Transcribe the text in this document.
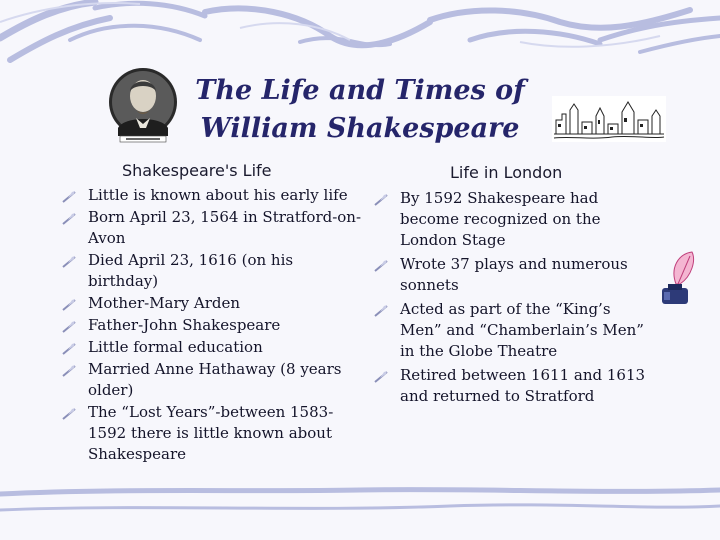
The Life and Times of
William Shakespeare
Shakespeare's Life	Life in London
Little is known about his early life
Born April 23, 1564 in Stratford-on-Avon
Died April 23, 1616 (on his birthday)
Mother-Mary Arden
Father-John Shakespeare
Little formal education
Married Anne Hathaway (8 years older)
The “Lost Years”-between 1583-1592 there is little known about Shakespeare
By 1592 Shakespeare had become recognized on the London Stage
Wrote 37 plays and numerous sonnets
Acted as part of the “King’s Men” and “Chamberlain’s Men” in the Globe Theatre
Retired between 1611 and 1613 and returned to Stratford
